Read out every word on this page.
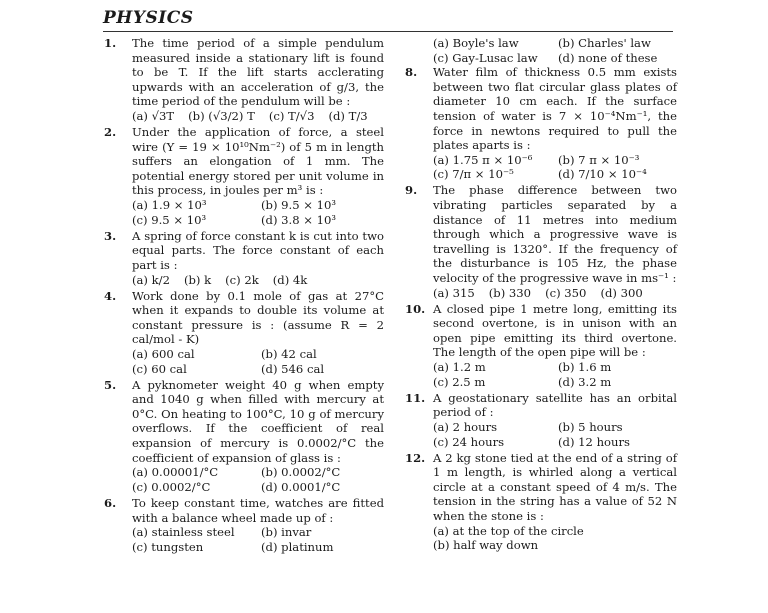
PHYSICS
1. The time period of a simple pendulum measured inside a stationary lift is found to be T. If the lift starts acclerating upwards with an acceleration of g/3, the time period of the pendulum will be :
(a) √3T (b) (√3/2) T (c) T/√3 (d) T/3
2. Under the application of force, a steel wire (Y = 19 × 10¹⁰Nm⁻²) of 5 m in length suffers an elongation of 1 mm. The potential energy stored per unit volume in this process, in joules per m³ is :
(a) 1.9 × 10³	(b) 9.5 × 10³
(c) 9.5 × 10³	(d) 3.8 × 10³
3. A spring of force constant k is cut into two equal parts. The force constant of each part is :
(a) k/2 (b) k (c) 2k (d) 4k
4. Work done by 0.1 mole of gas at 27°C when it expands to double its volume at constant pressure is : (assume R = 2 cal/mol - K)
(a) 600 cal	(b) 42 cal
(c) 60 cal	(d) 546 cal
5. A pyknometer weight 40 g when empty and 1040 g when filled with mercury at 0°C. On heating to 100°C, 10 g of mercury overflows. If the coefficient of real expansion of mercury is 0.0002/°C the coefficient of expansion of glass is :
(a) 0.00001/°C	(b) 0.0002/°C
(c) 0.0002/°C	(d) 0.0001/°C
6. To keep constant time, watches are fitted with a balance wheel made up of :
(a) stainless steel	(b) invar
(c) tungsten	(d) platinum
(a) Boyle's law	(b) Charles' law
(c) Gay-Lusac law	(d) none of these
8. Water film of thickness 0.5 mm exists between two flat circular glass plates of diameter 10 cm each. If the surface tension of water is 7 × 10⁻⁴Nm⁻¹, the force in newtons required to pull the plates aparts is :
(a) 1.75 π × 10⁻⁶	(b) 7 π × 10⁻³
(c) 7/π × 10⁻⁵	(d) 7/10 × 10⁻⁴
9. The phase difference between two vibrating particles separated by a distance of 11 metres into medium through which a progressive wave is travelling is 1320°. If the frequency of the disturbance is 105 Hz, the phase velocity of the progressive wave in ms⁻¹ :
(a) 315 (b) 330 (c) 350 (d) 300
10. A closed pipe 1 metre long, emitting its second overtone, is in unison with an open pipe emitting its third overtone. The length of the open pipe will be :
(a) 1.2 m	(b) 1.6 m
(c) 2.5 m	(d) 3.2 m
11. A geostationary satellite has an orbital period of :
(a) 2 hours	(b) 5 hours
(c) 24 hours	(d) 12 hours
12. A 2 kg stone tied at the end of a string of 1 m length, is whirled along a vertical circle at a constant speed of 4 m/s. The tension in the string has a value of 52 N when the stone is :
(a) at the top of the circle
(b) half way down
